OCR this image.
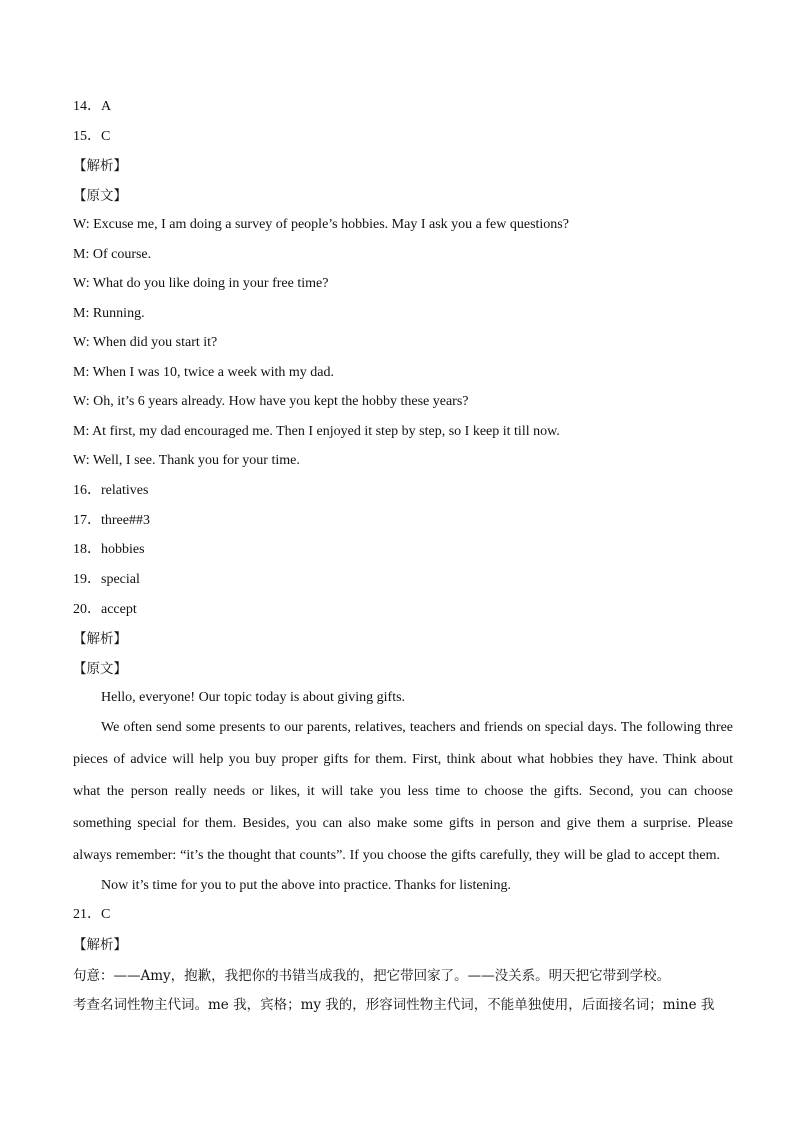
14．A
15．C
【解析】
【原文】
W: Excuse me, I am doing a survey of people’s hobbies. May I ask you a few questions?
M: Of course.
W: What do you like doing in your free time?
M: Running.
W: When did you start it?
M: When I was 10, twice a week with my dad.
W: Oh, it’s 6 years already. How have you kept the hobby these years?
M: At first, my dad encouraged me. Then I enjoyed it step by step, so I keep it till now.
W: Well, I see. Thank you for your time.
16．relatives
17．three##3
18．hobbies
19．special
20．accept
【解析】
【原文】
Hello, everyone! Our topic today is about giving gifts.
We often send some presents to our parents, relatives, teachers and friends on special days. The following three pieces of advice will help you buy proper gifts for them. First, think about what hobbies they have. Think about what the person really needs or likes, it will take you less time to choose the gifts. Second, you can choose something special for them. Besides, you can also make some gifts in person and give them a surprise. Please always remember: “it’s the thought that counts”. If you choose the gifts carefully, they will be glad to accept them.
Now it’s time for you to put the above into practice. Thanks for listening.
21．C
【解析】
句意：——Amy，抱歉，我把你的书错当成我的，把它带回家了。——没关系。明天把它带到学校。
考查名词性物主代词。me 我，宾格；my 我的，形容词性物主代词，不能单独使用，后面接名词；mine 我
